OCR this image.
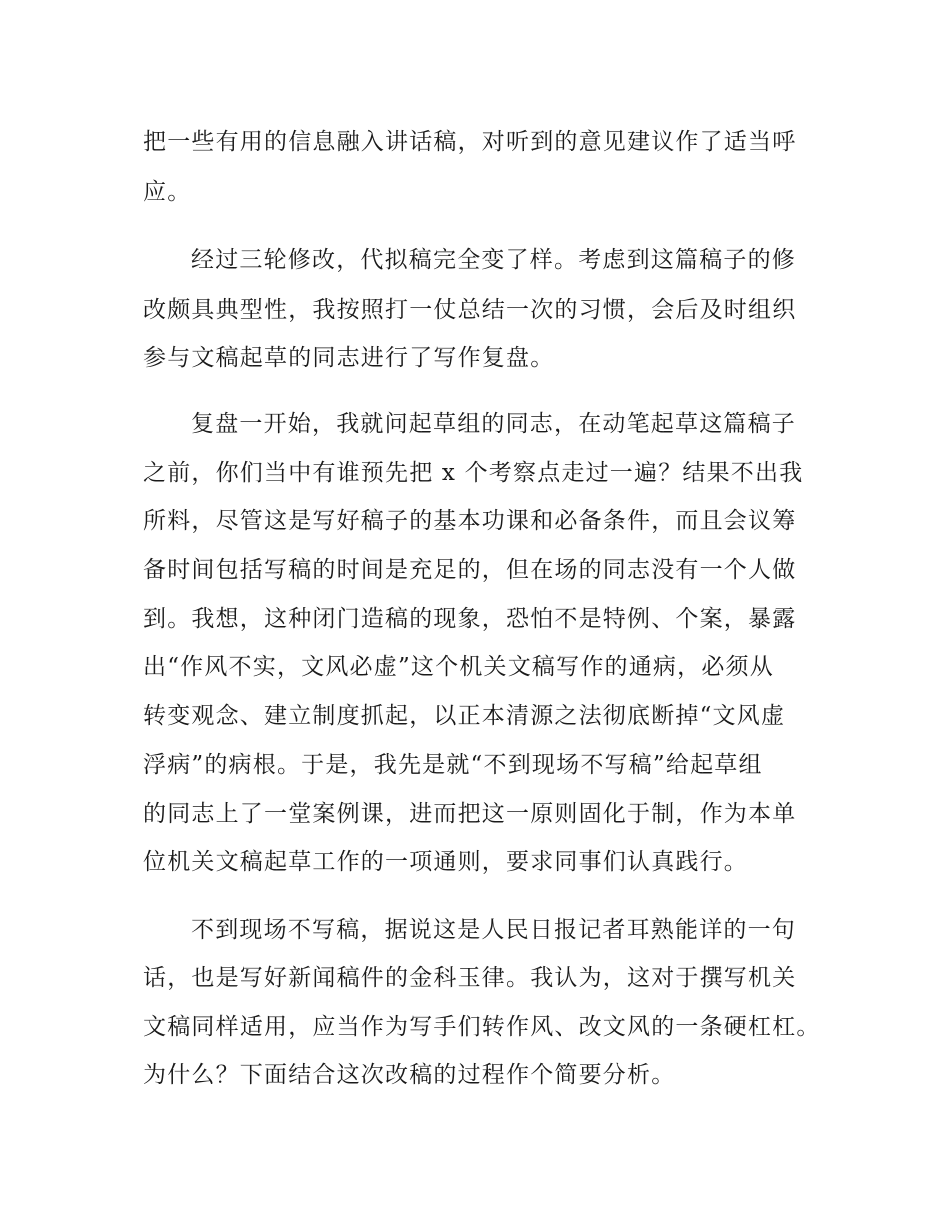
把一些有用的信息融入讲话稿，对听到的意见建议作了适当呼
应。
经过三轮修改，代拟稿完全变了样。考虑到这篇稿子的修
改颇具典型性，我按照打一仗总结一次的习惯，会后及时组织
参与文稿起草的同志进行了写作复盘。
复盘一开始，我就问起草组的同志，在动笔起草这篇稿子
之前，你们当中有谁预先把 x 个考察点走过一遍？结果不出我
所料，尽管这是写好稿子的基本功课和必备条件，而且会议筹
备时间包括写稿的时间是充足的，但在场的同志没有一个人做
到。我想，这种闭门造稿的现象，恐怕不是特例、个案，暴露
出“作风不实，文风必虚”这个机关文稿写作的通病，必须从
转变观念、建立制度抓起，以正本清源之法彻底断掉“文风虚
浮病”的病根。于是，我先是就“不到现场不写稿”给起草组
的同志上了一堂案例课，进而把这一原则固化于制，作为本单
位机关文稿起草工作的一项通则，要求同事们认真践行。
不到现场不写稿，据说这是人民日报记者耳熟能详的一句
话，也是写好新闻稿件的金科玉律。我认为，这对于撰写机关
文稿同样适用，应当作为写手们转作风、改文风的一条硬杠杠。
为什么？下面结合这次改稿的过程作个简要分析。
